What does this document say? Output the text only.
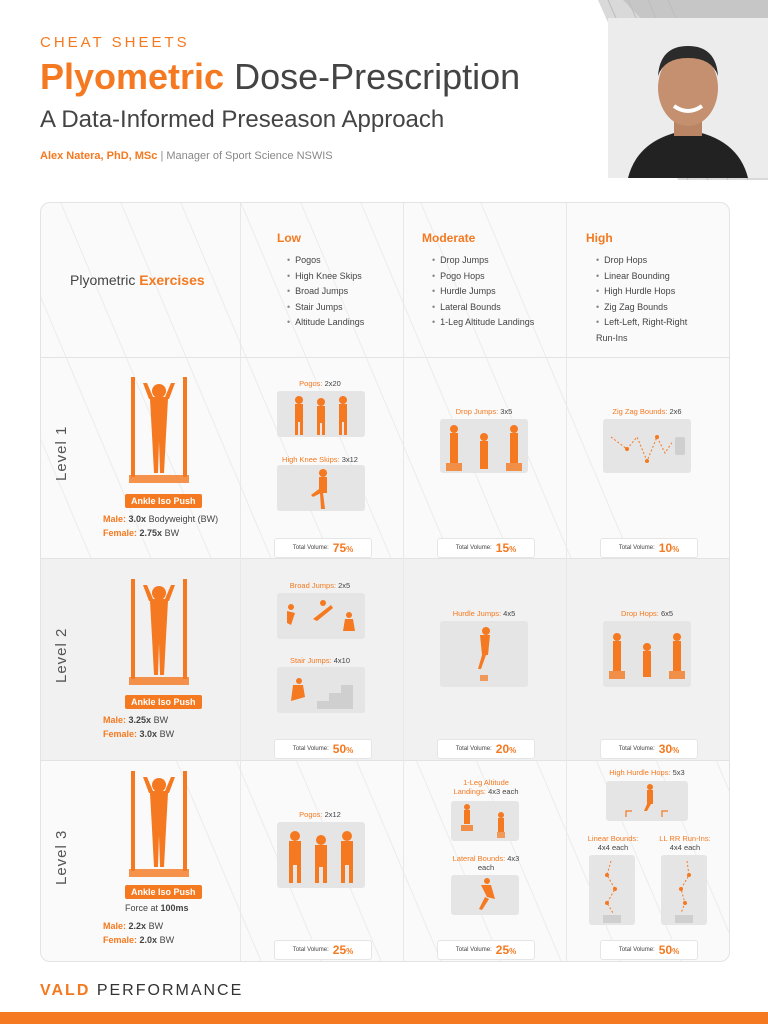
CHEAT SHEETS
Plyometric Dose-Prescription
A Data-Informed Preseason Approach
Alex Natera, PhD, MSc | Manager of Sport Science NSWIS
Plyometric Exercises
Low
• Pogos
• High Knee Skips
• Broad Jumps
• Stair Jumps
• Altitude Landings
Moderate
• Drop Jumps
• Pogo Hops
• Hurdle Jumps
• Lateral Bounds
• 1-Leg Altitude Landings
High
• Drop Hops
• Linear Bounding
• High Hurdle Hops
• Zig Zag Bounds
• Left-Left, Right-Right Run-Ins
Level 1
Ankle Iso Push
Male: 3.0x Bodyweight (BW)
Female: 2.75x BW
Pogos: 2x20
High Knee Skips: 3x12
Total Volume: 75%
Drop Jumps: 3x5
Total Volume: 15%
Zig Zag Bounds: 2x6
Total Volume: 10%
Level 2
Ankle Iso Push
Male: 3.25x BW
Female: 3.0x BW
Broad Jumps: 2x5
Stair Jumps: 4x10
Total Volume: 50%
Hurdle Jumps: 4x5
Total Volume: 20%
Drop Hops: 6x5
Total Volume: 30%
Level 3
Ankle Iso Push
Force at 100ms
Male: 2.2x BW
Female: 2.0x BW
Pogos: 2x12
Total Volume: 25%
1-Leg Altitude Landings: 4x3 each
Lateral Bounds: 4x3 each
Total Volume: 25%
High Hurdle Hops: 5x3
Linear Bounds: 4x4 each
LL RR Run-Ins: 4x4 each
Total Volume: 50%
VALD PERFORMANCE
